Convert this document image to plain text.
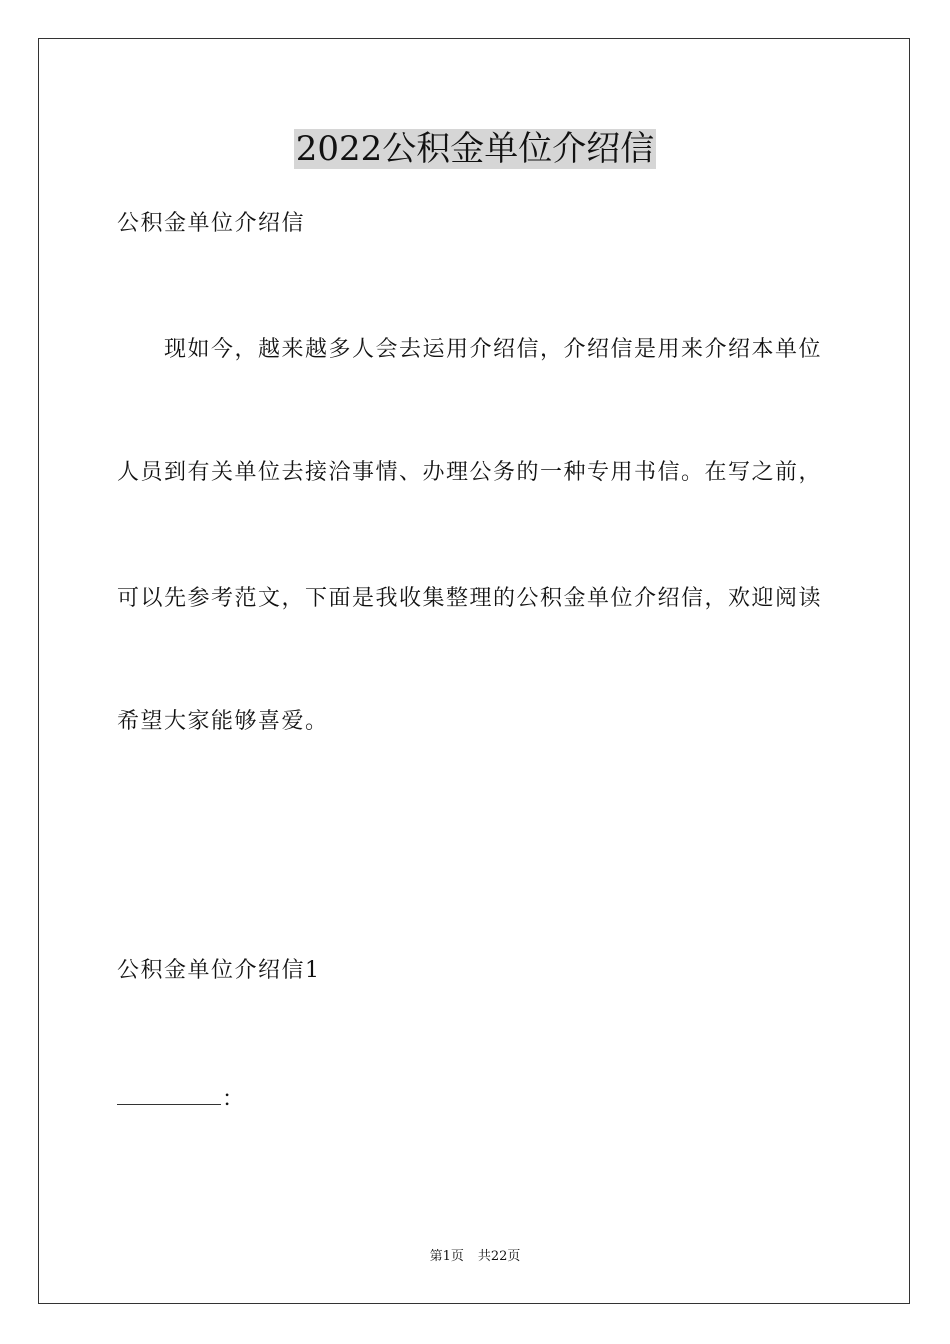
2022公积金单位介绍信
公积金单位介绍信
现如今，越来越多人会去运用介绍信，介绍信是用来介绍本单位
人员到有关单位去接洽事情、办理公务的一种专用书信。在写之前，
可以先参考范文，下面是我收集整理的公积金单位介绍信，欢迎阅读
希望大家能够喜爱。
公积金单位介绍信1
：
第1页 共22页
